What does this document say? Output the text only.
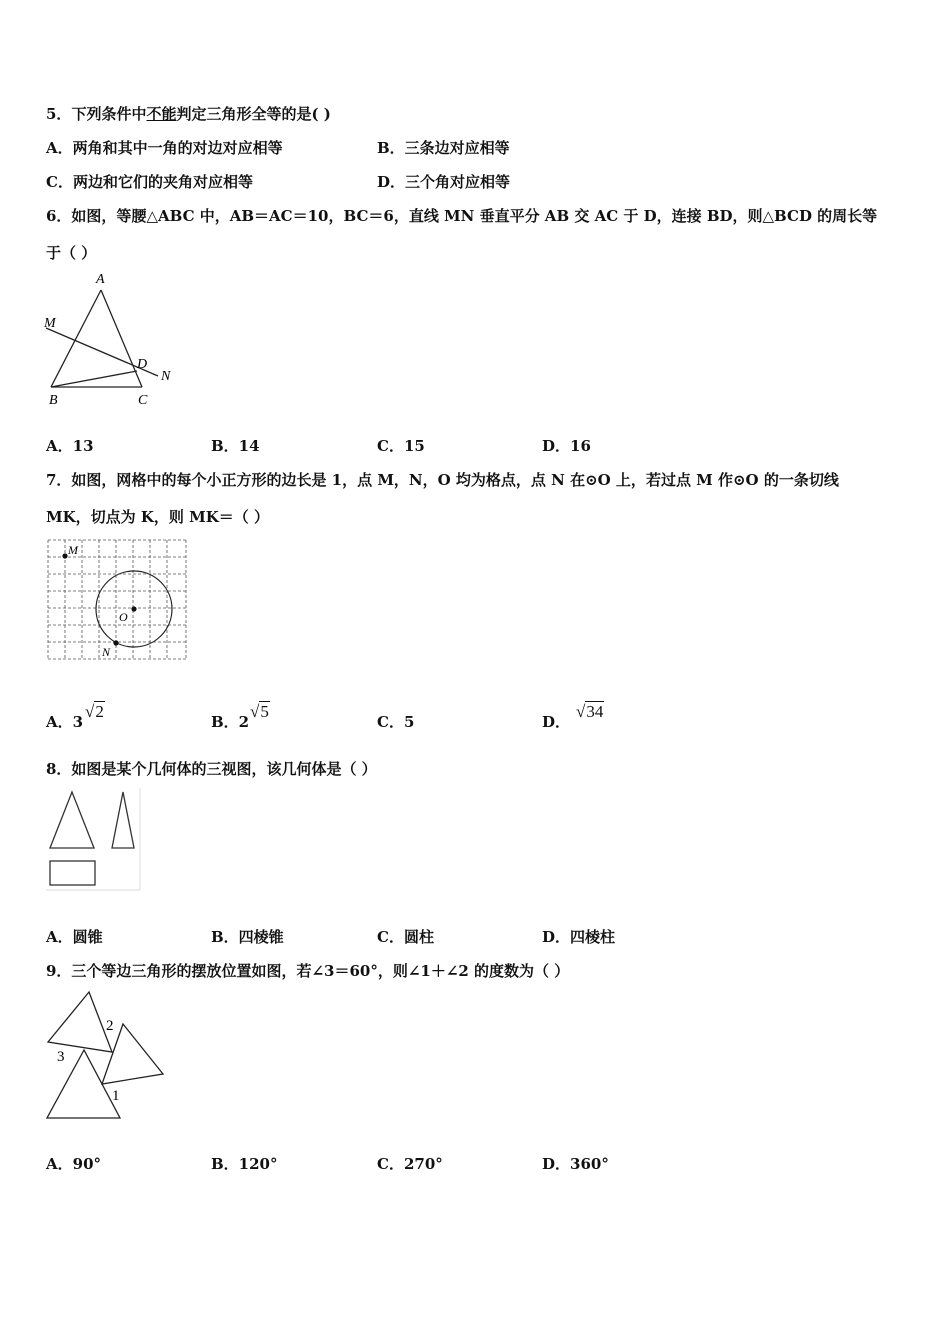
5．下列条件中不能判定三角形全等的是( )
A．两角和其中一角的对边对应相等	B．三条边对应相等
C．两边和它们的夹角对应相等	D．三个角对应相等
6．如图，等腰△ABC 中，AB＝AC＝10，BC＝6，直线 MN 垂直平分 AB 交 AC 于 D，连接 BD，则△BCD 的周长等
于（ ）
A
M
D
N
B	C
A．13	B．14	C．15	D．16
7．如图，网格中的每个小正方形的边长是 1，点 M，N，O 均为格点，点 N 在⊙O 上，若过点 M 作⊙O 的一条切线
MK，切点为 K，则 MK＝（ ）
M
O
N
A．3
√2
B．2
√5
C．5	D．
√34
8．如图是某个几何体的三视图，该几何体是（ ）
A．圆锥	B．四棱锥	C．圆柱	D．四棱柱
9．三个等边三角形的摆放位置如图，若∠3＝60°，则∠1＋∠2 的度数为（ ）
2
3
1
A．90°	B．120°	C．270°	D．360°
